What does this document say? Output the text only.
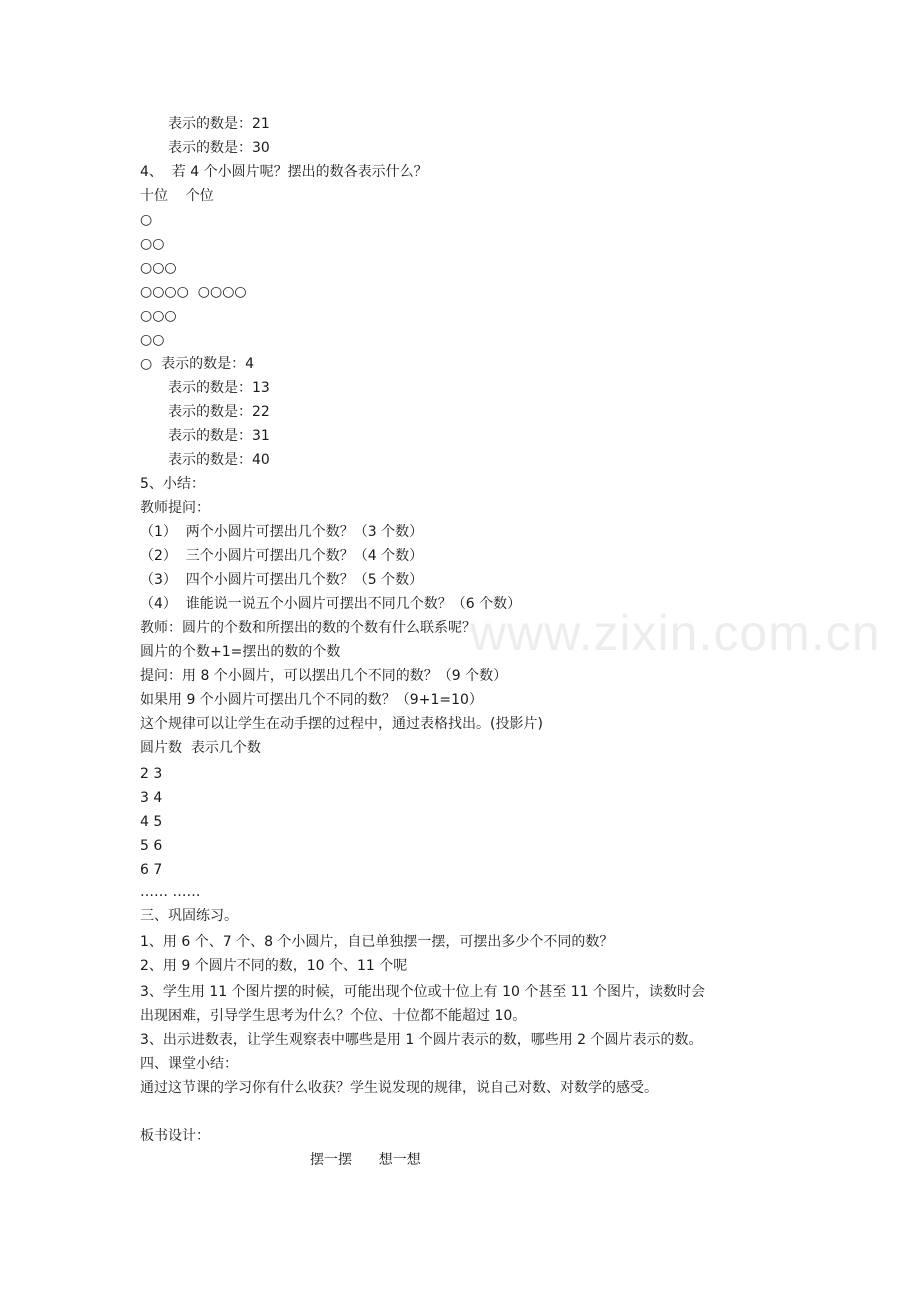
www.zixin.com.cn
表示的数是：21
表示的数是：30
4、  若 4 个小圆片呢？摆出的数各表示什么？
十位    个位
○
○○
○○○
○○○○  ○○○○
○○○
○○
○  表示的数是：4
表示的数是：13
表示的数是：22
表示的数是：31
表示的数是：40
5、小结：
教师提问：
（1）  两个小圆片可摆出几个数？（3 个数）
（2）  三个小圆片可摆出几个数？（4 个数）
（3）  四个小圆片可摆出几个数？（5 个数）
（4）  谁能说一说五个小圆片可摆出不同几个数？（6 个数）
教师：圆片的个数和所摆出的数的个数有什么联系呢？
圆片的个数+1=摆出的数的个数
提问：用 8 个小圆片，可以摆出几个不同的数？（9 个数）
如果用 9 个小圆片可摆出几个不同的数？（9+1=10）
这个规律可以让学生在动手摆的过程中，通过表格找出。(投影片)
圆片数  表示几个数
2 3
3 4
4 5
5 6
6 7
…… ……
三、巩固练习。
1、用 6 个、7 个、8 个小圆片，自已单独摆一摆，可摆出多少个不同的数？
2、用 9 个圆片不同的数，10 个、11 个呢
3、学生用 11 个图片摆的时候，可能出现个位或十位上有 10 个甚至 11 个图片，读数时会
出现困难，引导学生思考为什么？个位、十位都不能超过 10。
3、出示进数表，让学生观察表中哪些是用 1 个圆片表示的数，哪些用 2 个圆片表示的数。
四、课堂小结：
通过这节课的学习你有什么收获？学生说发现的规律，说自己对数、对数学的感受。
板书设计：
摆一摆      想一想
